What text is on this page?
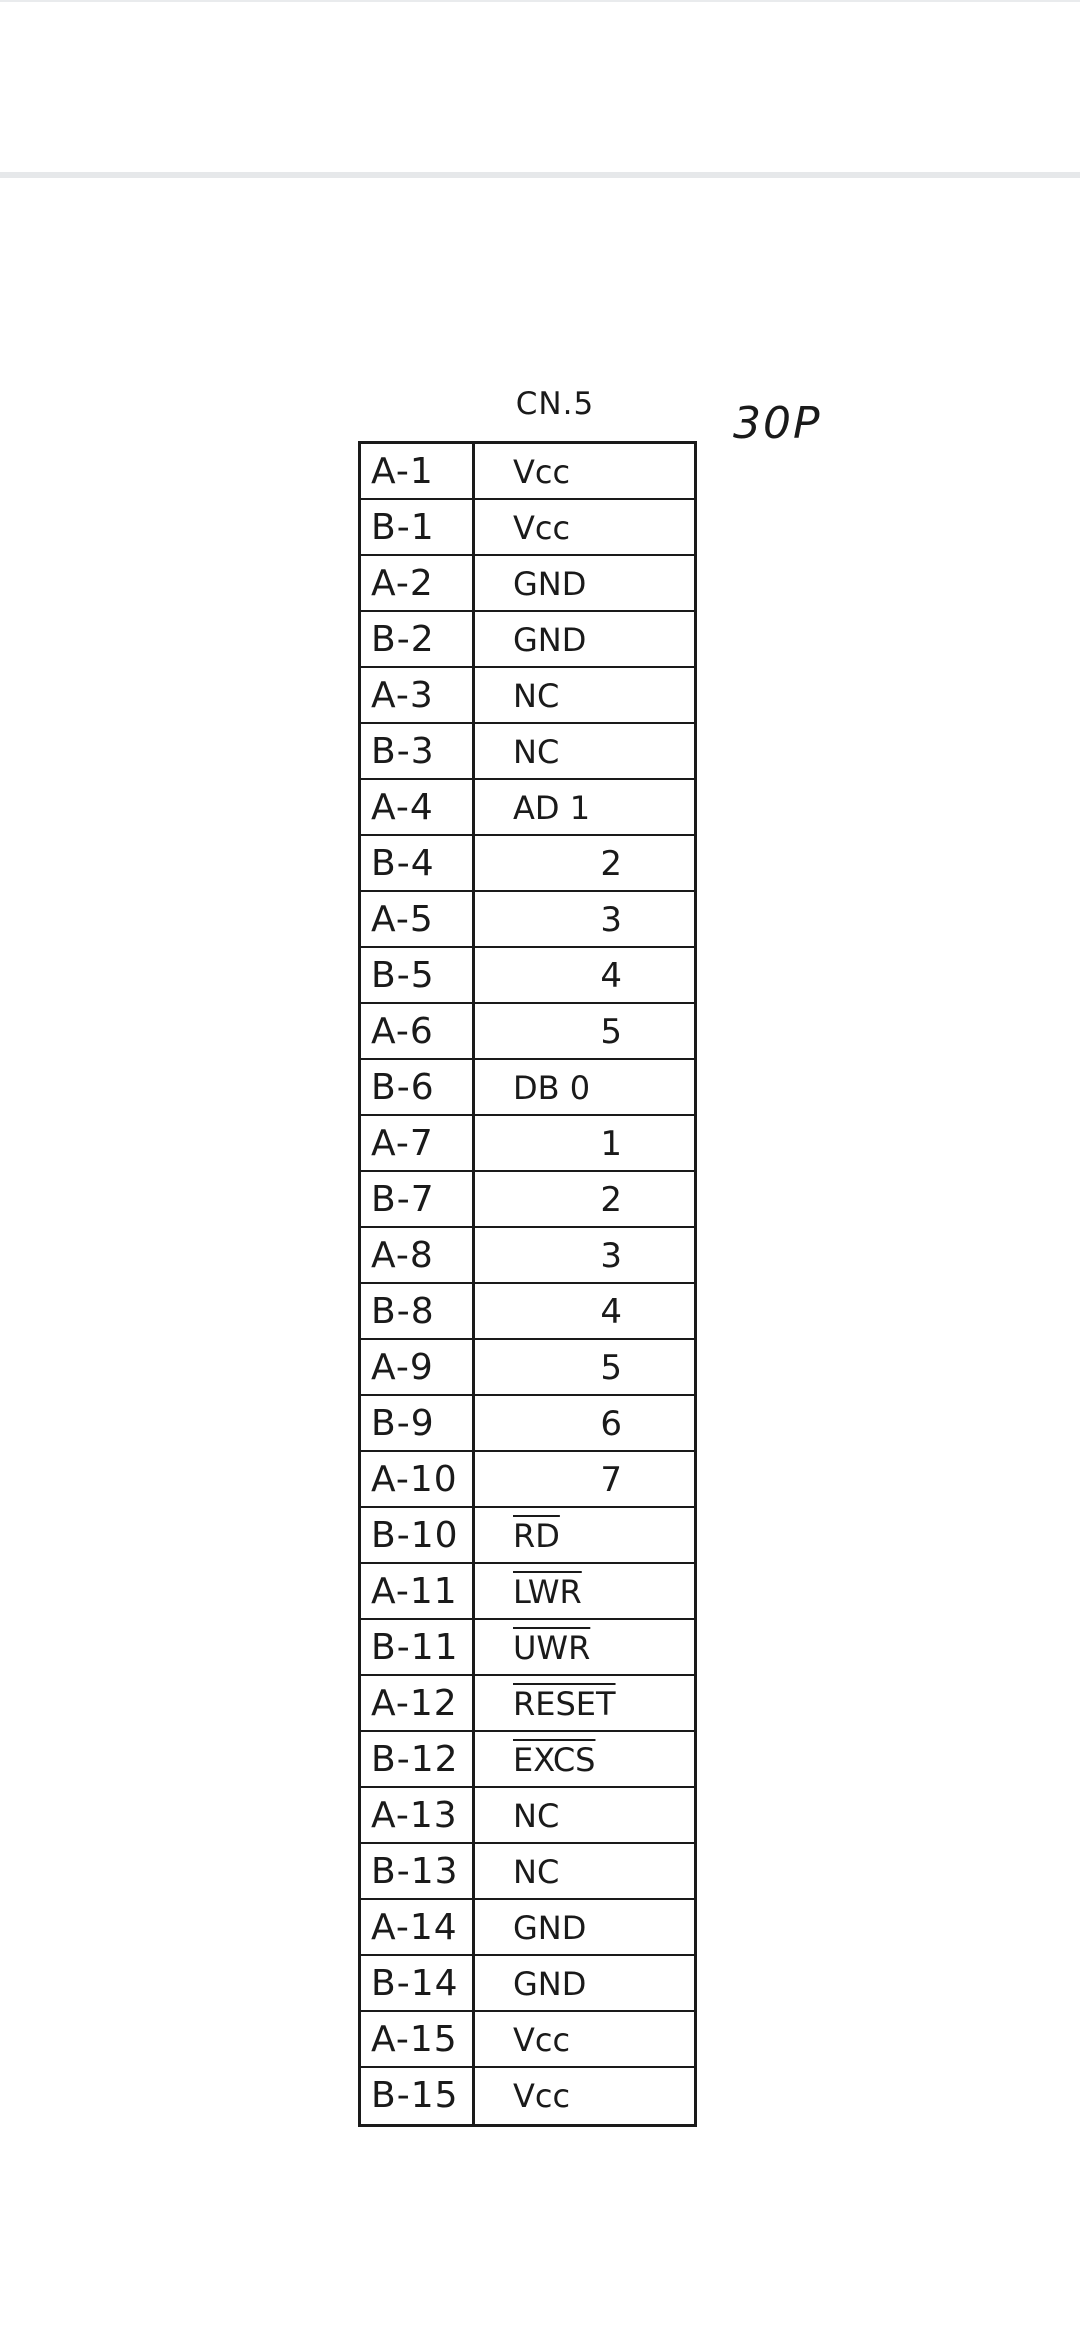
CN.5	30P
A-1	Vcc
B-1	Vcc
A-2	GND
B-2	GND
A-3	NC
B-3	NC
A-4	AD 1
B-4	2
A-5	3
B-5	4
A-6	5
B-6	DB 0
A-7	1
B-7	2
A-8	3
B-8	4
A-9	5
B-9	6
A-10	7
B-10	$\overline{RD}$
A-11	$\overline{LWR}$
B-11	$\overline{UWR}$
A-12	RESET
B-12	EXCS
A-13	NC
B-13	NC
A-14	GND
B-14	GND
A-15	Vcc
B-15	Vcc
